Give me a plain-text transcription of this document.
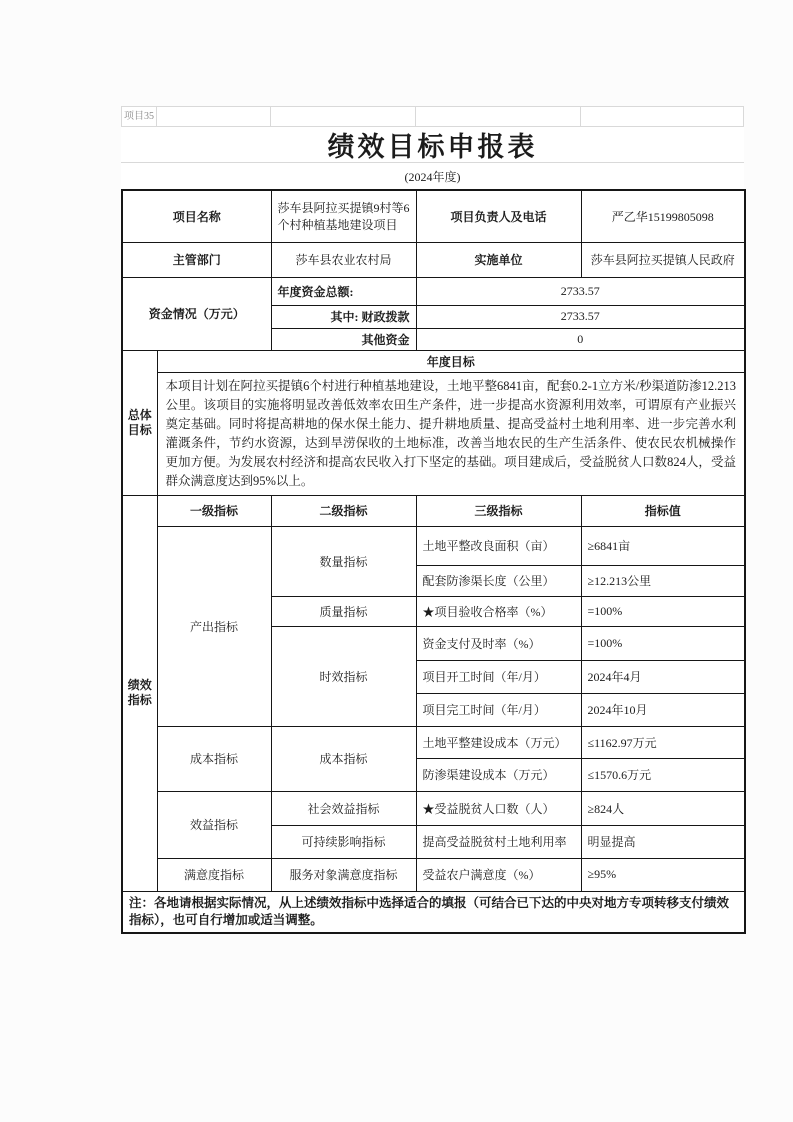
项目35
绩效目标申报表
(2024年度)
项目名称		莎车县阿拉买提镇9村等6个村种植基地建设项目	项目负责人及电话	严乙华15199805098
主管部门		莎车县农业农村局	实施单位	莎车县阿拉买提镇人民政府
资金情况（万元）		年度资金总额:	2733.57	
		其中: 财政拨款	2733.57	
		其他资金	0	
总体目标	年度目标			
	本项目计划在阿拉买提镇6个村进行种植基地建设，土地平整6841亩，配套0.2-1立方米/秒渠道防渗12.213公里。该项目的实施将明显改善低效率农田生产条件，进一步提高水资源利用效率，可谓原有产业振兴奠定基础。同时将提高耕地的保水保土能力、提升耕地质量、提高受益村土地利用率、进一步完善水利灌溉条件，节约水资源，达到旱涝保收的土地标准，改善当地农民的生产生活条件、使农民农机械操作更加方便。为发展农村经济和提高农民收入打下坚定的基础。项目建成后，受益脱贫人口数824人，受益群众满意度达到95%以上。			
绩效指标	一级指标	二级指标	三级指标	指标值
	产出指标	数量指标	土地平整改良面积（亩）	≥6841亩
			配套防渗渠长度（公里）	≥12.213公里
		质量指标	★项目验收合格率（%）	=100%
		时效指标	资金支付及时率（%）	=100%
			项目开工时间（年/月）	2024年4月
			项目完工时间（年/月）	2024年10月
	成本指标	成本指标	土地平整建设成本（万元）	≤1162.97万元
			防渗渠建设成本（万元）	≤1570.6万元
	效益指标	社会效益指标	★受益脱贫人口数（人）	≥824人
		可持续影响指标	提高受益脱贫村土地利用率	明显提高
	满意度指标	服务对象满意度指标	受益农户满意度（%）	≥95%
注：各地请根据实际情况，从上述绩效指标中选择适合的填报（可结合已下达的中央对地方专项转移支付绩效指标），也可自行增加或适当调整。				
